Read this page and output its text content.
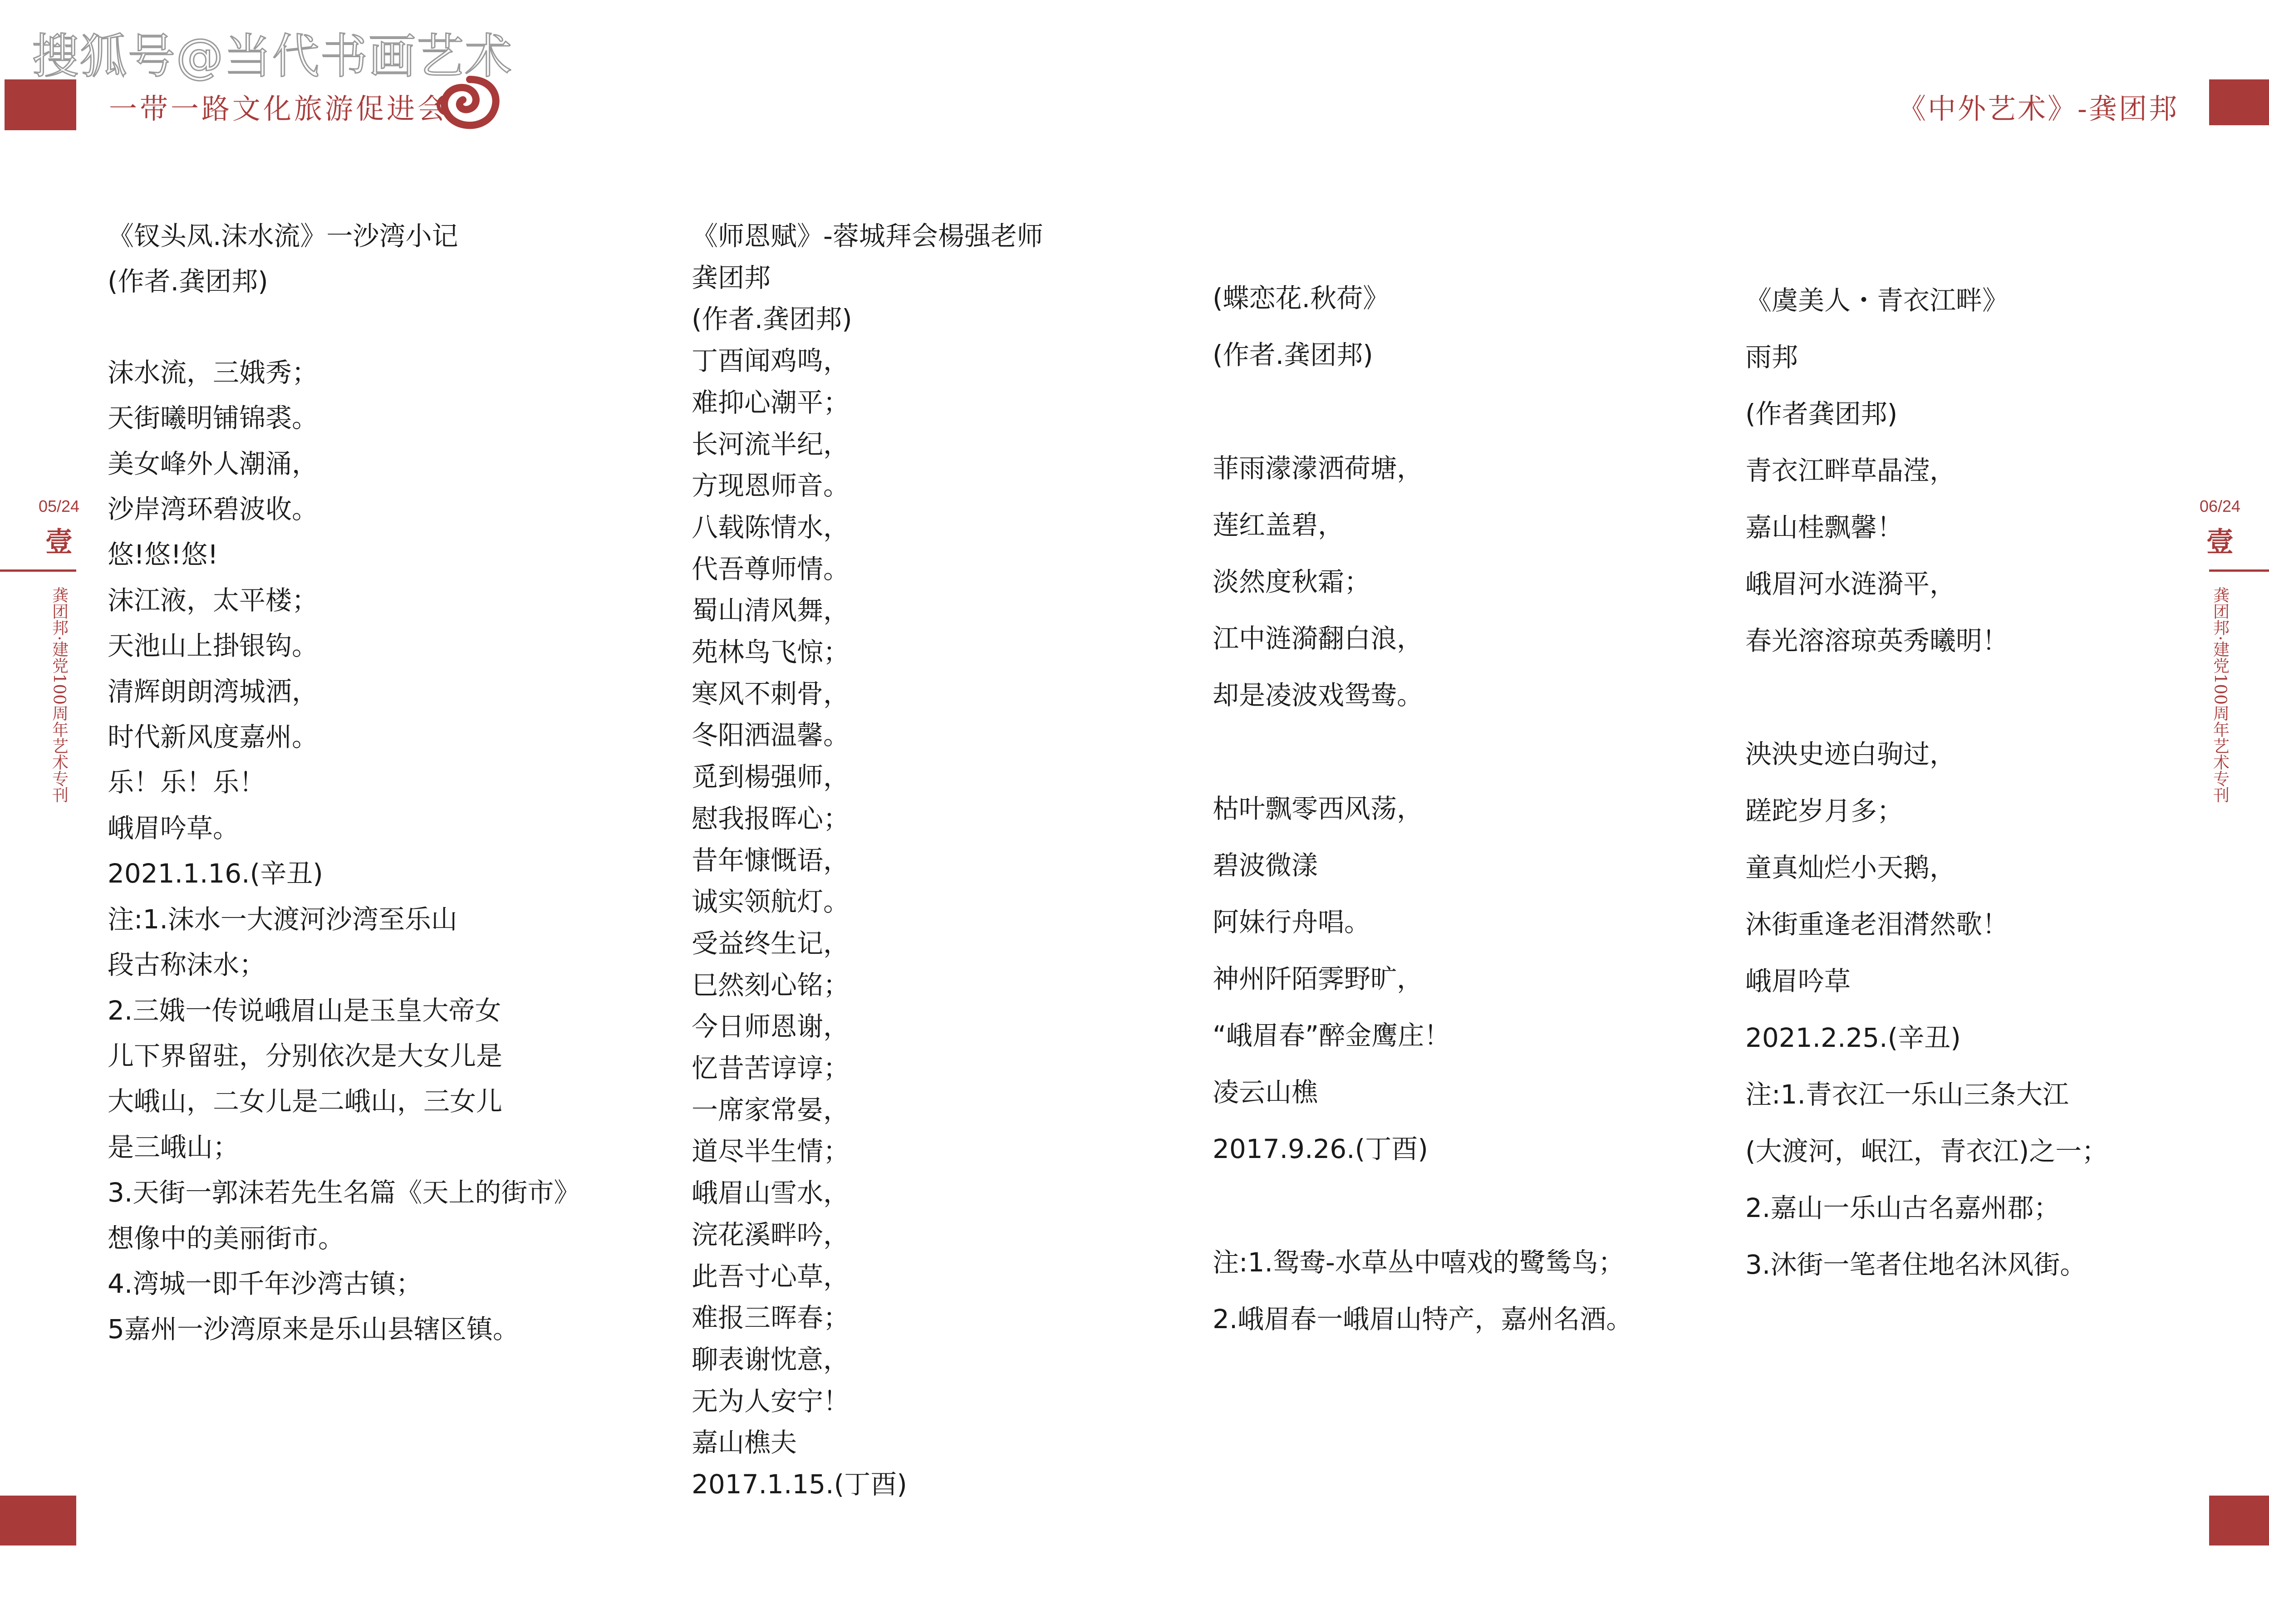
搜狐号@当代书画艺术
一带一路文化旅游促进会	《中外艺术》-龚团邦
05/24
壹
龚团邦·建党100周年艺术专刊
06/24
壹
龚团邦·建党100周年艺术专刊
《钗头凤.沫水流》一沙湾小记
(作者.龚团邦)
沫水流，三娥秀；
天街曦明铺锦裘。
美女峰外人潮涌，
沙岸湾环碧波收。
悠!悠!悠!
沫江液，太平楼；
天池山上掛银钩。
清辉朗朗湾城洒，
时代新风度嘉州。
乐！乐！乐！
峨眉吟草。
2021.1.16.(辛丑)
注:1.沫水一大渡河沙湾至乐山
段古称沫水；
2.三娥一传说峨眉山是玉皇大帝女
儿下界留驻，分别依次是大女儿是
大峨山，二女儿是二峨山，三女儿
是三峨山；
3.天街一郭沫若先生名篇《天上的街市》
想像中的美丽街市。
4.湾城一即千年沙湾古镇；
5嘉州一沙湾原来是乐山县辖区镇。
《师恩赋》-蓉城拜会楊强老师
龚团邦
(作者.龚团邦)
丁酉闻鸡鸣，
难抑心潮平；
长河流半纪，
方现恩师音。
八载陈情水，
代吾尊师情。
蜀山清风舞，
苑林鸟飞惊；
寒风不刺骨，
冬阳洒温馨。
觅到楊强师，
慰我报晖心；
昔年慷慨语，
诚实领航灯。
受益终生记，
巳然刻心铭；
今日师恩谢，
忆昔苦谆谆；
一席家常晏，
道尽半生情；
峨眉山雪水，
浣花溪畔吟，
此吾寸心草，
难报三晖春；
聊表谢忱意，
无为人安宁！
嘉山樵夫
2017.1.15.(丁酉)
(蝶恋花.秋荷》
(作者.龚团邦)
菲雨濛濛洒荷塘，
莲红盖碧，
淡然度秋霜；
江中涟漪翻白浪，
却是凌波戏鸳鸯。
枯叶飘零西风荡，
碧波微漾
阿妹行舟唱。
神州阡陌霁野旷，
“峨眉春”醉金鹰庄！
凌云山樵
2017.9.26.(丁酉)
注:1.鸳鸯-水草丛中嘻戏的鹭鸶鸟；
2.峨眉春一峨眉山特产，嘉州名酒。
《虞美人・青衣江畔》
雨邦
(作者龚团邦)
青衣江畔草晶滢，
嘉山桂飘馨！
峨眉河水涟漪平，
春光溶溶琼英秀曦明！
泱泱史迹白驹过，
蹉跎岁月多；
童真灿烂小天鹅，
沐街重逢老泪潸然歌！
峨眉吟草
2021.2.25.(辛丑)
注:1.青衣江一乐山三条大江
(大渡河，岷江，青衣江)之一；
2.嘉山一乐山古名嘉州郡；
3.沐街一笔者住地名沐风街。
